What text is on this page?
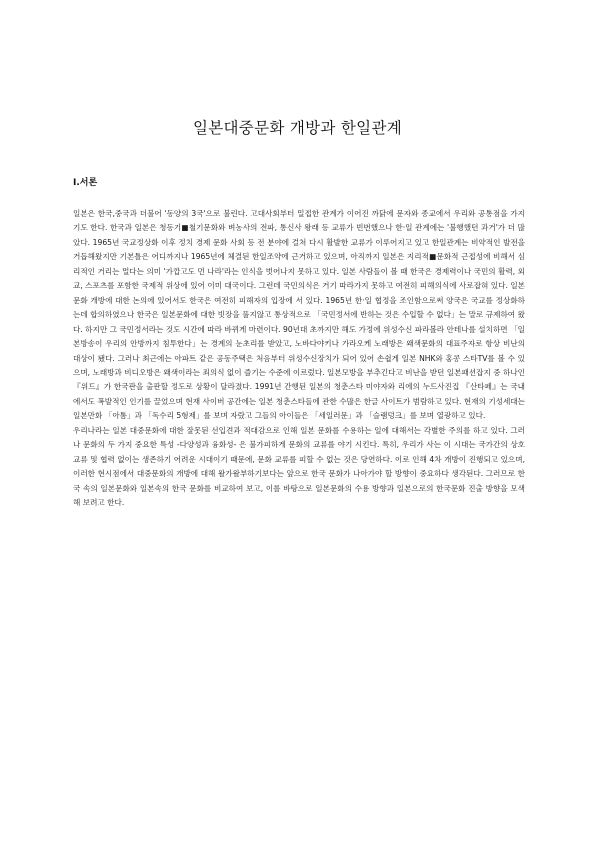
일본대중문화 개방과 한일관계
Ⅰ.서론

일본은 한국,중국과 더불어 '동양의 3국'으로 불린다. 고대사회부터 밀접한 관계가 이어진 까닭에 문자와 종교에서 우리와 공통점을 가지기도 한다. 한국과 일본은 청동기■철기문화와 벼농사의 전파, 통신사 왕래 등 교류가 빈번했으나 한·일 관계에는 '불행했던 과거'가 더 많았다. 1965년 국교정상화 이후 정치 경제 문화 사회 등 전 분야에 걸쳐 다시 활발한 교류가 이루어지고 있고 한일관계는 비약적인 발전을 거듭해왔지만 기본틀은 어디까지나 1965년에 체결된 한일조약에 근거하고 있으며, 아직까지 일본은 지리적■문화적 근접성에 비해서 심리적인 거리는 멀다는 의미 '가깝고도 먼 나라'라는 인식을 벗어나지 못하고 있다. 일본 사람들이 볼 때 한국은 경제력이나 국민의 활력, 외교, 스포츠를 포함한 국제적 위상에 있어 이미 대국이다. 그런데 국민의식은 거기 따라가지 못하고 여전히 피해의식에 사로잡혀 있다. 일본문화 개방에 대한 논의에 있어서도 한국은 여전히 피해자의 입장에 서 있다. 1965년 한·일 협정을 조인함으로써 양국은 국교를 정상화하는데 합의하였으나 한국은 일본문화에 대한 빗장을 풀지않고 통상적으로 「국민정서에 반하는 것은 수입할 수 없다」는 말로 규제하여 왔다. 하지만 그 국민정서라는 것도 시간에 따라 바뀌게 마련이다. 90년대 초까지만 해도 가정에 위성수신 파라볼라 안테나를 설치하면 「일본방송이 우리의 안방까지 침투한다」는 경계의 눈초리를 받았고, 노바다야키나 가라오케 노래방은 왜색문화의 대표주자로 항상 비난의 대상이 됐다. 그러나 최근에는 아파트 같은 공동주택은 처음부터 위성수신장치가 되어 있어 손쉽게 일본 NHK와 홍콩 스타TV를 볼 수 있으며, 노래방과 비디오방은 왜색이라는 죄의식 없이 즐기는 수준에 이르렀다. 일본모방을 부추긴다고 비난을 받던 일본패션잡지 중 하나인 『위드』가 한국판을 출판할 정도로 상황이 달라졌다. 1991년 간행된 일본의 청춘스타 미야자와 리에의 누드사진집 『산타페』는 국내에서도 폭발적인 인기를 끌었으며 현재 사이버 공간에는 일본 청춘스타들에 관한 수많은 한글 사이트가 범람하고 있다. 현재의 기성세대는 일본만화 「아톰」과 「독수리 5형제」를 보며 자랐고 그들의 아이들은 「세일러문」과 「슬램덩크」를 보며 열광하고 있다.

우리나라는 일본 대중문화에 대한 잘못된 선입견과 적대감으로 인해 일본 문화를 수용하는 일에 대해서는 각별한 주의를 하고 있다. 그러나 문화의 두 가지 중요한 특성 -다양성과 융화성- 은 불가피하게 문화의 교류를 야기 시킨다. 특히, 우리가 사는 이 시대는 국가간의 상호 교류 및 협력 없이는 생존하기 어려운 시대이기 때문에, 문화 교류를 피할 수 없는 것은 당연하다. 이로 인해 4차 개방이 진행되고 있으며, 이러한 현시점에서 대중문화의 개방에 대해 왈가왈부하기보다는 앞으로 한국 문화가 나아가야 할 방향이 중요하다 생각된다. 그러므로 한국 속의 일본문화와 일본속의 한국 문화를 비교하여 보고, 이를 바탕으로 일본문화의 수용 방향과 일본으로의 한국문화 진출 방향을 모색해 보려고 한다.
